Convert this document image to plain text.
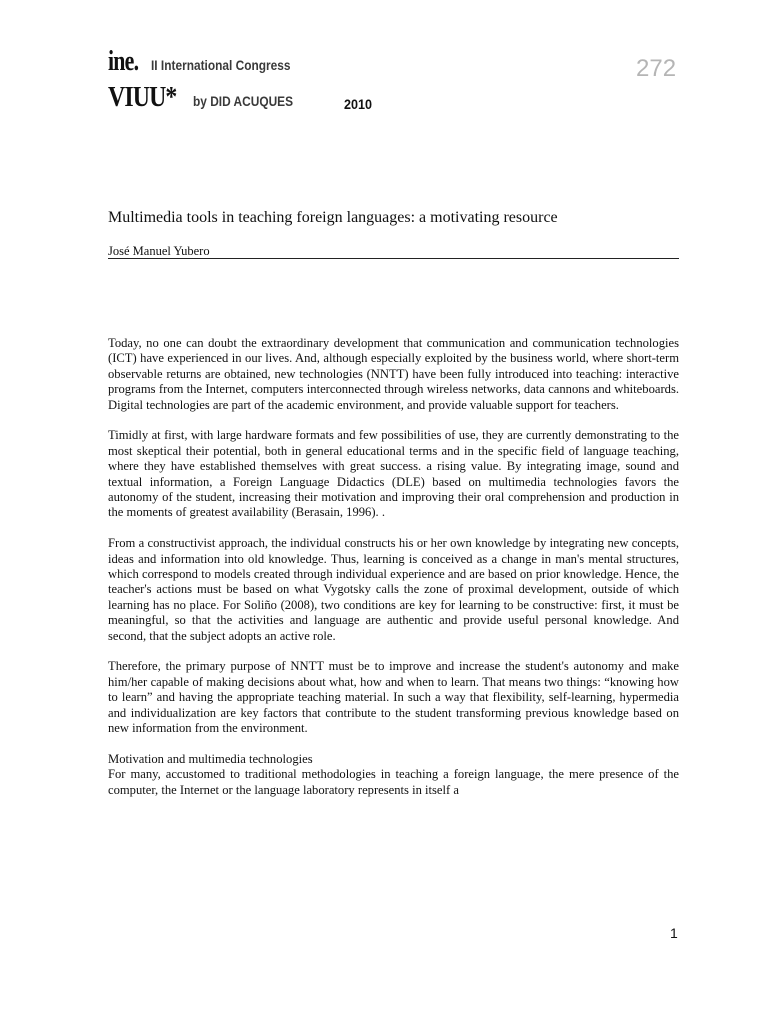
ine. II International Congress
VIUU* by DID ACUQUES	2010
272
Multimedia tools in teaching foreign languages: a motivating resource
José Manuel Yubero

Today, no one can doubt the extraordinary development that communication and communication technologies (ICT) have experienced in our lives. And, although especially exploited by the business world, where short-term observable returns are obtained, new technologies (NNTT) have been fully introduced into teaching: interactive programs from the Internet, computers interconnected through wireless networks, data cannons and whiteboards. Digital technologies are part of the academic environment, and provide valuable support for teachers.

Timidly at first, with large hardware formats and few possibilities of use, they are currently demonstrating to the most skeptical their potential, both in general educational terms and in the specific field of language teaching, where they have established themselves with great success. a rising value. By integrating image, sound and textual information, a Foreign Language Didactics (DLE) based on multimedia technologies favors the autonomy of the student, increasing their motivation and improving their oral comprehension and production in the moments of greatest availability (Berasain, 1996). .

From a constructivist approach, the individual constructs his or her own knowledge by integrating new concepts, ideas and information into old knowledge. Thus, learning is conceived as a change in man's mental structures, which correspond to models created through individual experience and are based on prior knowledge. Hence, the teacher's actions must be based on what Vygotsky calls the zone of proximal development, outside of which learning has no place. For Soliño (2008), two conditions are key for learning to be constructive: first, it must be meaningful, so that the activities and language are authentic and provide useful personal knowledge. And second, that the subject adopts an active role.

Therefore, the primary purpose of NNTT must be to improve and increase the student's autonomy and make him/her capable of making decisions about what, how and when to learn. That means two things: “knowing how to learn” and having the appropriate teaching material. In such a way that flexibility, self-learning, hypermedia and individualization are key factors that contribute to the student transforming previous knowledge based on new information from the environment.

Motivation and multimedia technologies

For many, accustomed to traditional methodologies in teaching a foreign language, the mere presence of the computer, the Internet or the language laboratory represents in itself a

1
